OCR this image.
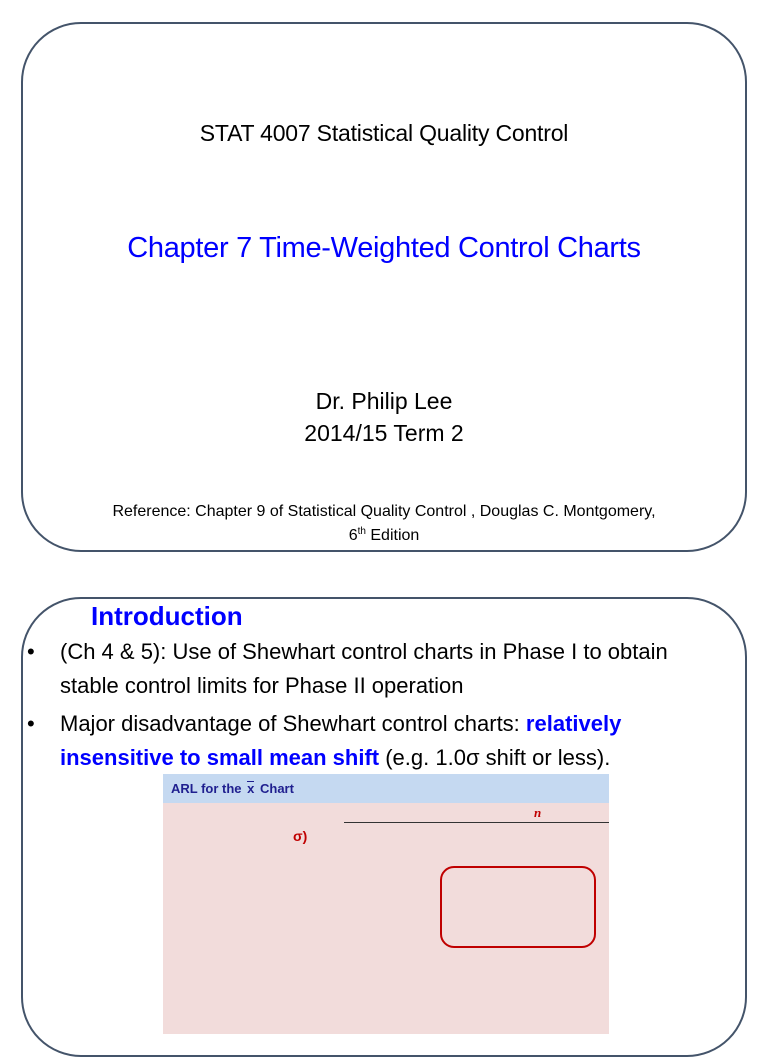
STAT 4007 Statistical Quality Control
Chapter 7 Time-Weighted Control Charts
Dr. Philip Lee
2014/15 Term 2
Reference: Chapter 9 of Statistical Quality Control , Douglas C. Montgomery,
6th Edition
Introduction
• (Ch 4 & 5): Use of Shewhart control charts in Phase I to obtain stable control limits for Phase II operation
• Major disadvantage of Shewhart control charts: relatively insensitive to small mean shift (e.g. 1.0σ shift or less).
ARL for the x Chart
n
σ)
